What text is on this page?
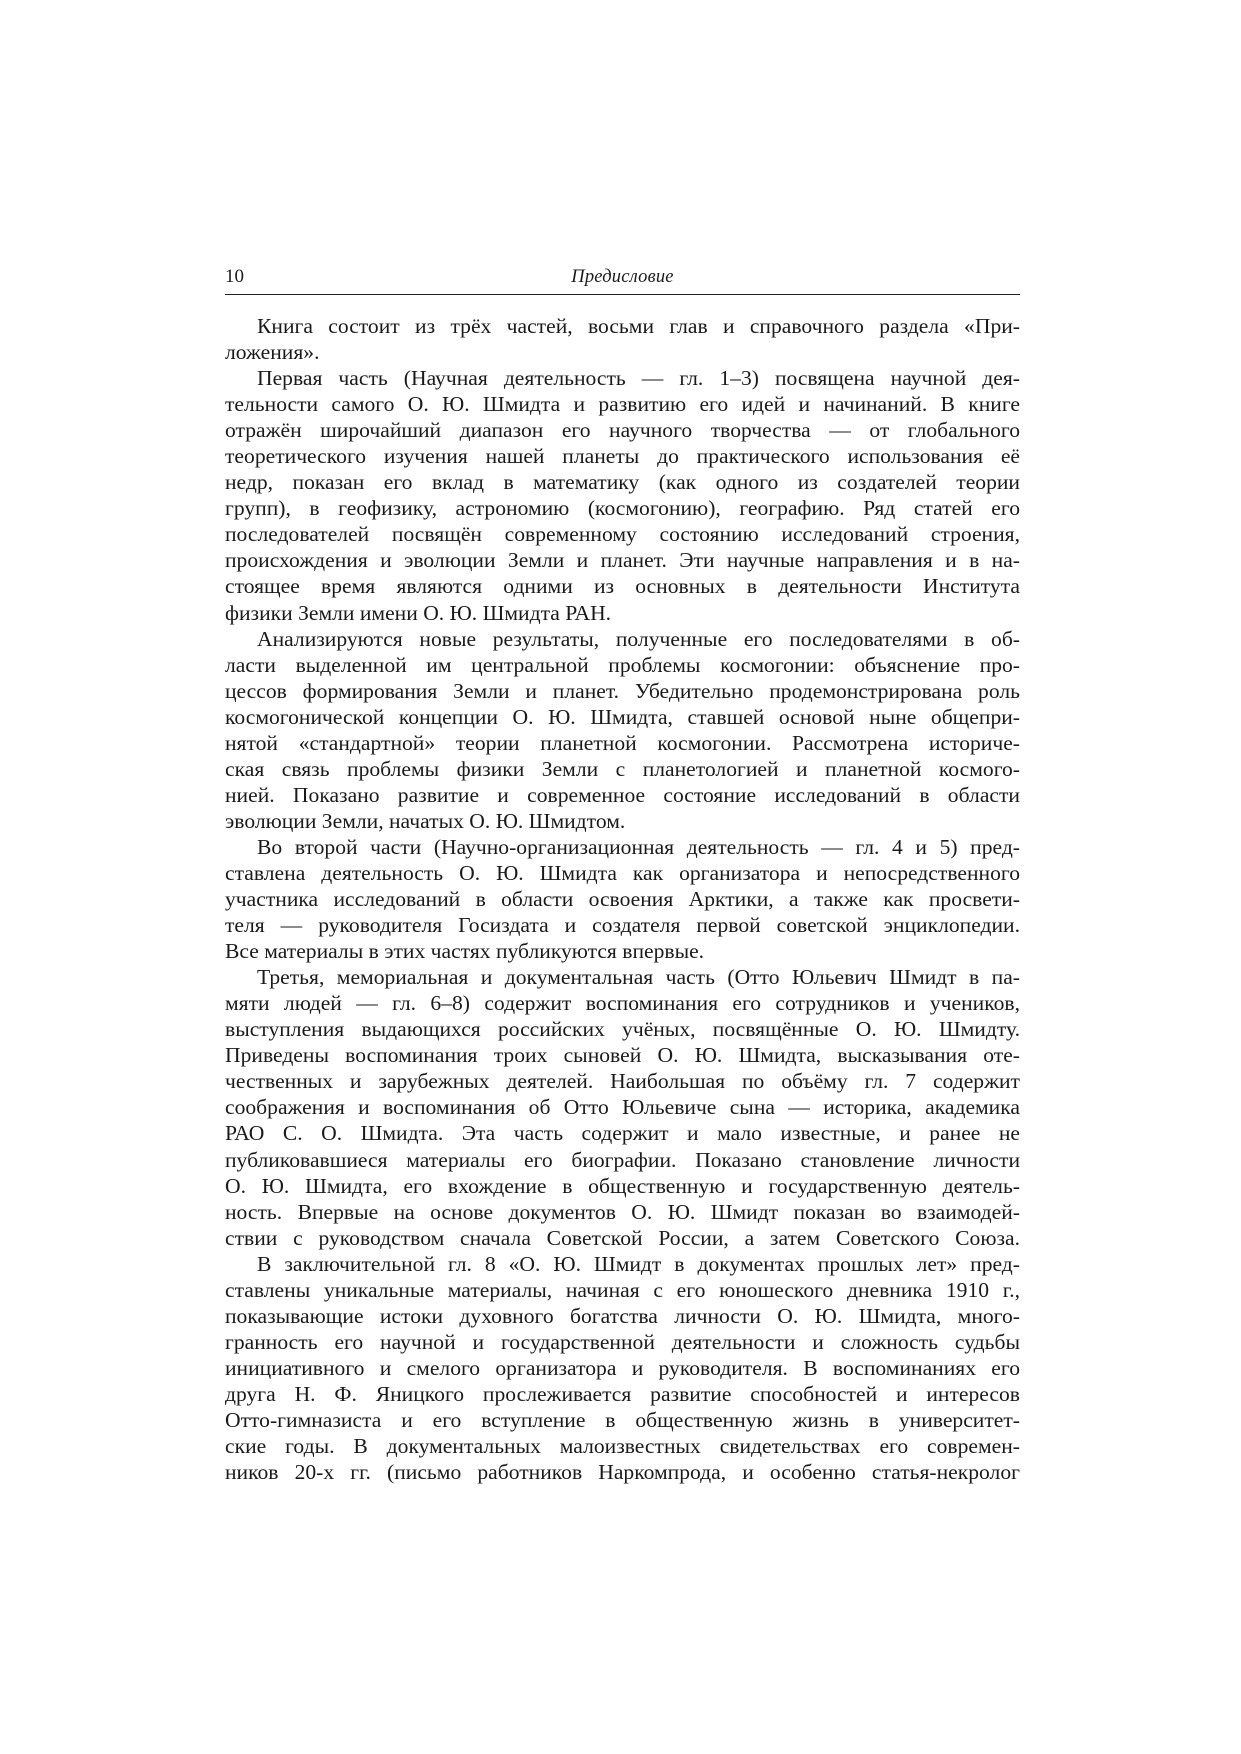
10	Предисловие

Книга состоит из трёх частей, восьми глав и справочного раздела «При-
ложения».

Первая часть (Научная деятельность — гл. 1–3) посвящена научной дея-
тельности самого О. Ю. Шмидта и развитию его идей и начинаний. В книге
отражён широчайший диапазон его научного творчества — от глобального
теоретического изучения нашей планеты до практического использования её
недр, показан его вклад в математику (как одного из создателей теории
групп), в геофизику, астрономию (космогонию), географию. Ряд статей его
последователей посвящён современному состоянию исследований строения,
происхождения и эволюции Земли и планет. Эти научные направления и в на-
стоящее время являются одними из основных в деятельности Института
физики Земли имени О. Ю. Шмидта РАН.

Анализируются новые результаты, полученные его последователями в об-
ласти выделенной им центральной проблемы космогонии: объяснение про-
цессов формирования Земли и планет. Убедительно продемонстрирована роль
космогонической концепции О. Ю. Шмидта, ставшей основой ныне общепри-
нятой «стандартной» теории планетной космогонии. Рассмотрена историче-
ская связь проблемы физики Земли с планетологией и планетной космого-
нией. Показано развитие и современное состояние исследований в области
эволюции Земли, начатых О. Ю. Шмидтом.

Во второй части (Научно-организационная деятельность — гл. 4 и 5) пред-
ставлена деятельность О. Ю. Шмидта как организатора и непосредственного
участника исследований в области освоения Арктики, а также как просвети-
теля — руководителя Госиздата и создателя первой советской энциклопедии.
Все материалы в этих частях публикуются впервые.

Третья, мемориальная и документальная часть (Отто Юльевич Шмидт в па-
мяти людей — гл. 6–8) содержит воспоминания его сотрудников и учеников,
выступления выдающихся российских учёных, посвящённые О. Ю. Шмидту.
Приведены воспоминания троих сыновей О. Ю. Шмидта, высказывания оте-
чественных и зарубежных деятелей. Наибольшая по объёму гл. 7 содержит
соображения и воспоминания об Отто Юльевиче сына — историка, академика
РАО С. О. Шмидта. Эта часть содержит и мало известные, и ранее не
публиковавшиеся материалы его биографии. Показано становление личности
О. Ю. Шмидта, его вхождение в общественную и государственную деятель-
ность. Впервые на основе документов О. Ю. Шмидт показан во взаимодей-
ствии с руководством сначала Советской России, а затем Советского Союза.

В заключительной гл. 8 «О. Ю. Шмидт в документах прошлых лет» пред-
ставлены уникальные материалы, начиная с его юношеского дневника 1910 г.,
показывающие истоки духовного богатства личности О. Ю. Шмидта, много-
гранность его научной и государственной деятельности и сложность судьбы
инициативного и смелого организатора и руководителя. В воспоминаниях его
друга Н. Ф. Яницкого прослеживается развитие способностей и интересов
Отто-гимназиста и его вступление в общественную жизнь в университет-
ские годы. В документальных малоизвестных свидетельствах его современ-
ников 20-х гг. (письмо работников Наркомпрода, и особенно статья-некролог
